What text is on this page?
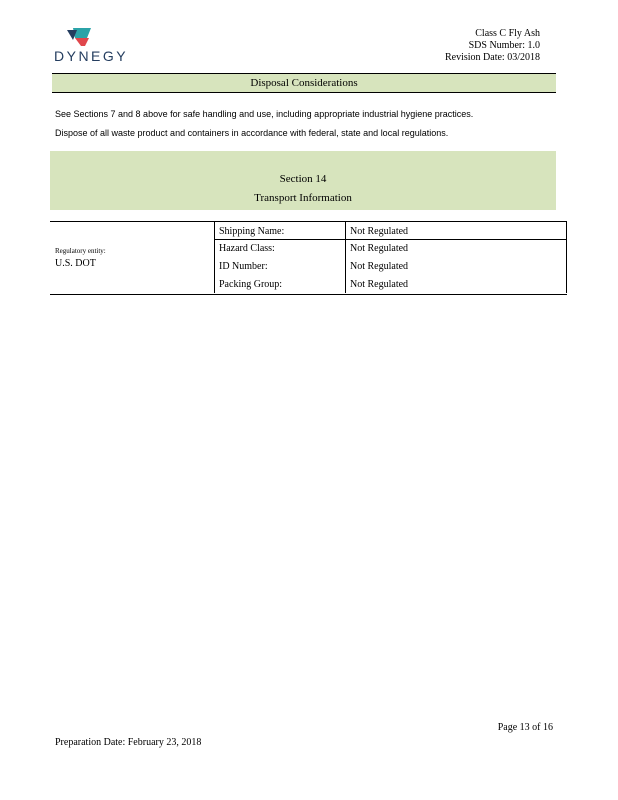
DYNEGY
Class C Fly Ash
SDS Number: 1.0
Revision Date: 03/2018
Disposal Considerations
See Sections 7 and 8 above for safe handling and use, including appropriate industrial hygiene practices.
Dispose of all waste product and containers in accordance with federal, state and local regulations.
Section 14
Transport Information
Regulatory entity:
U.S. DOT
Shipping Name:	Not Regulated
Hazard Class:	Not Regulated
ID Number:	Not Regulated
Packing Group:	Not Regulated
Page 13 of 16
Preparation Date: February 23, 2018
